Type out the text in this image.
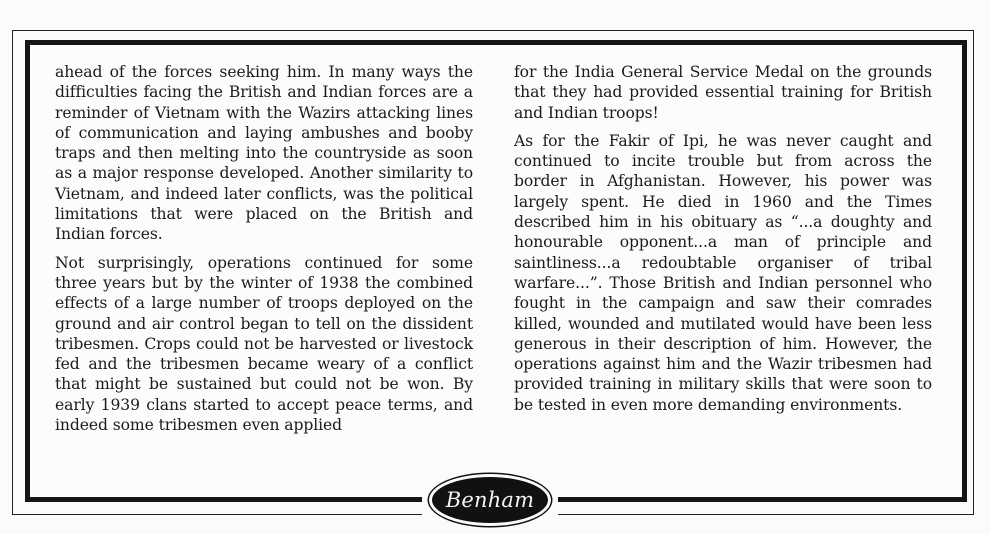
ahead of the forces seeking him. In many ways the difficulties facing the British and Indian forces are a reminder of Vietnam with the Wazirs attacking lines of communication and laying ambushes and booby traps and then melting into the countryside as soon as a major response developed. Another similarity to Vietnam, and indeed later conflicts, was the political limitations that were placed on the British and Indian forces.

Not surprisingly, operations continued for some three years but by the winter of 1938 the combined effects of a large number of troops deployed on the ground and air control began to tell on the dissident tribesmen. Crops could not be harvested or livestock fed and the tribesmen became weary of a conflict that might be sustained but could not be won. By early 1939 clans started to accept peace terms, and indeed some tribesmen even applied

for the India General Service Medal on the grounds that they had provided essential training for British and Indian troops!

As for the Fakir of Ipi, he was never caught and continued to incite trouble but from across the border in Afghanistan. However, his power was largely spent. He died in 1960 and the Times described him in his obituary as “...a doughty and honourable opponent...a man of principle and saintliness...a redoubtable organiser of tribal warfare...”. Those British and Indian personnel who fought in the campaign and saw their comrades killed, wounded and mutilated would have been less generous in their description of him. However, the operations against him and the Wazir tribesmen had provided training in military skills that were soon to be tested in even more demanding environments.

Benham
